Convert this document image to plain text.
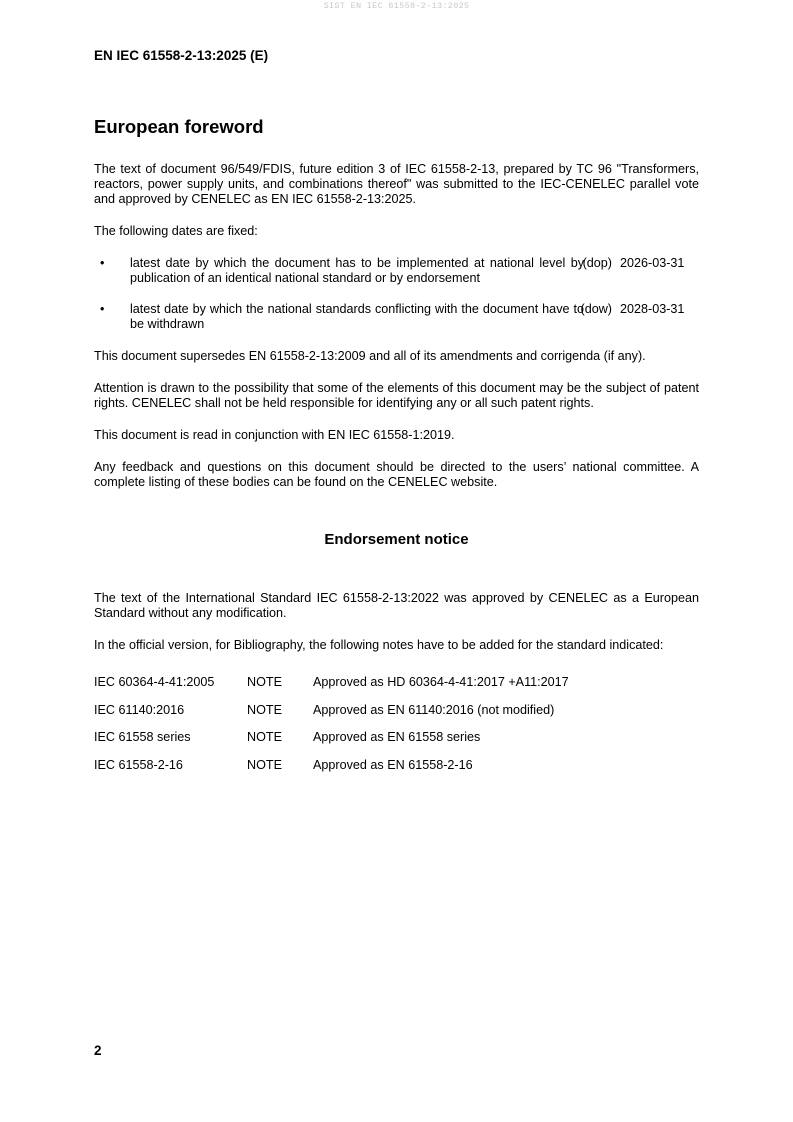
SIST EN IEC 61558-2-13:2025
EN IEC 61558-2-13:2025 (E)
European foreword

The text of document 96/549/FDIS, future edition 3 of IEC 61558-2-13, prepared by TC 96 "Transformers, reactors, power supply units, and combinations thereof" was submitted to the IEC-CENELEC parallel vote and approved by CENELEC as EN IEC 61558-2-13:2025.

The following dates are fixed:

•	latest date by which the document has to be implemented at national level by publication of an identical national standard or by endorsement
(dop) 2026-03-31
•	latest date by which the national standards conflicting with the document have to be withdrawn
(dow) 2028-03-31

This document supersedes EN 61558-2-13:2009 and all of its amendments and corrigenda (if any).

Attention is drawn to the possibility that some of the elements of this document may be the subject of patent rights. CENELEC shall not be held responsible for identifying any or all such patent rights.

This document is read in conjunction with EN IEC 61558-1:2019.

Any feedback and questions on this document should be directed to the users’ national committee. A complete listing of these bodies can be found on the CENELEC website.

Endorsement notice

The text of the International Standard IEC 61558-2-13:2022 was approved by CENELEC as a European Standard without any modification.

In the official version, for Bibliography, the following notes have to be added for the standard indicated:

IEC 60364-4-41:2005	NOTE	Approved as HD 60364-4-41:2017 +A11:2017
IEC 61140:2016	NOTE	Approved as EN 61140:2016 (not modified)
IEC 61558 series	NOTE	Approved as EN 61558 series
IEC 61558-2-16	NOTE	Approved as EN 61558-2-16
2
